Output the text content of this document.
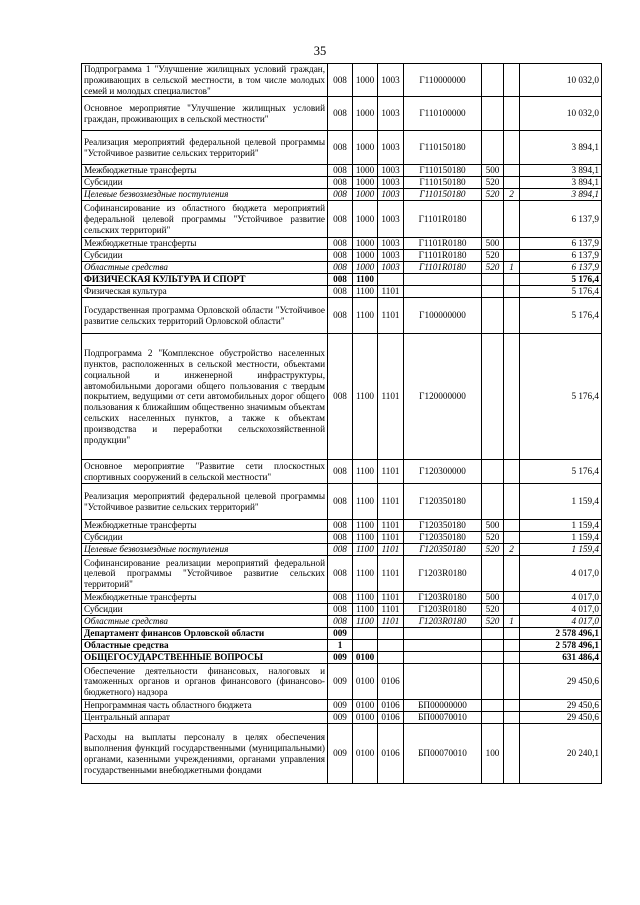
35
Подпрограмма 1 "Улучшение жилищных условий граждан, проживающих в сельской местности, в том числе молодых семей и молодых специалистов"	008	1000	1003	Г110000000			10 032,0
Основное мероприятие "Улучшение жилищных условий граждан, проживающих в сельской местности"	008	1000	1003	Г110100000			10 032,0
Реализация мероприятий федеральной целевой программы "Устойчивое развитие сельских территорий"	008	1000	1003	Г110150180			3 894,1
Межбюджетные трансферты	008	1000	1003	Г110150180	500		3 894,1
Субсидии	008	1000	1003	Г110150180	520		3 894,1
Целевые безвозмездные поступления	008	1000	1003	Г110150180	520	2	3 894,1
Софинансирование из областного бюджета мероприятий федеральной целевой программы "Устойчивое развитие сельских территорий"	008	1000	1003	Г1101R0180			6 137,9
Межбюджетные трансферты	008	1000	1003	Г1101R0180	500		6 137,9
Субсидии	008	1000	1003	Г1101R0180	520		6 137,9
Областные средства	008	1000	1003	Г1101R0180	520	1	6 137,9
ФИЗИЧЕСКАЯ КУЛЬТУРА И СПОРТ	008	1100					5 176,4
Физическая культура	008	1100	1101				5 176,4
Государственная программа Орловской области "Устойчивое развитие сельских территорий Орловской области"	008	1100	1101	Г100000000			5 176,4
Подпрограмма 2 "Комплексное обустройство населенных пунктов, расположенных в сельской местности, объектами социальной и инженерной инфраструктуры, автомобильными дорогами общего пользования с твердым покрытием, ведущими от сети автомобильных дорог общего пользования к ближайшим общественно значимым объектам сельских населенных пунктов, а также к объектам производства и переработки сельскохозяйственной продукции"	008	1100	1101	Г120000000			5 176,4
Основное мероприятие "Развитие сети плоскостных спортивных сооружений в сельской местности"	008	1100	1101	Г120300000			5 176,4
Реализация мероприятий федеральной целевой программы "Устойчивое развитие сельских территорий"	008	1100	1101	Г120350180			1 159,4
Межбюджетные трансферты	008	1100	1101	Г120350180	500		1 159,4
Субсидии	008	1100	1101	Г120350180	520		1 159,4
Целевые безвозмездные поступления	008	1100	1101	Г120350180	520	2	1 159,4
Софинансирование реализации мероприятий федеральной целевой программы "Устойчивое развитие сельских территорий"	008	1100	1101	Г1203R0180			4 017,0
Межбюджетные трансферты	008	1100	1101	Г1203R0180	500		4 017,0
Субсидии	008	1100	1101	Г1203R0180	520		4 017,0
Областные средства	008	1100	1101	Г1203R0180	520	1	4 017,0
Департамент финансов Орловской области	009						2 578 496,1
Областные средства	1						2 578 496,1
ОБЩЕГОСУДАРСТВЕННЫЕ ВОПРОСЫ	009	0100					631 486,4
Обеспечение деятельности финансовых, налоговых и таможенных органов и органов финансового (финансово-бюджетного) надзора	009	0100	0106				29 450,6
Непрограммная часть областного бюджета	009	0100	0106	БП00000000			29 450,6
Центральный аппарат	009	0100	0106	БП00070010			29 450,6
Расходы на выплаты персоналу в целях обеспечения выполнения функций государственными (муниципальными) органами, казенными учреждениями, органами управления государственными внебюджетными фондами	009	0100	0106	БП00070010	100		20 240,1
